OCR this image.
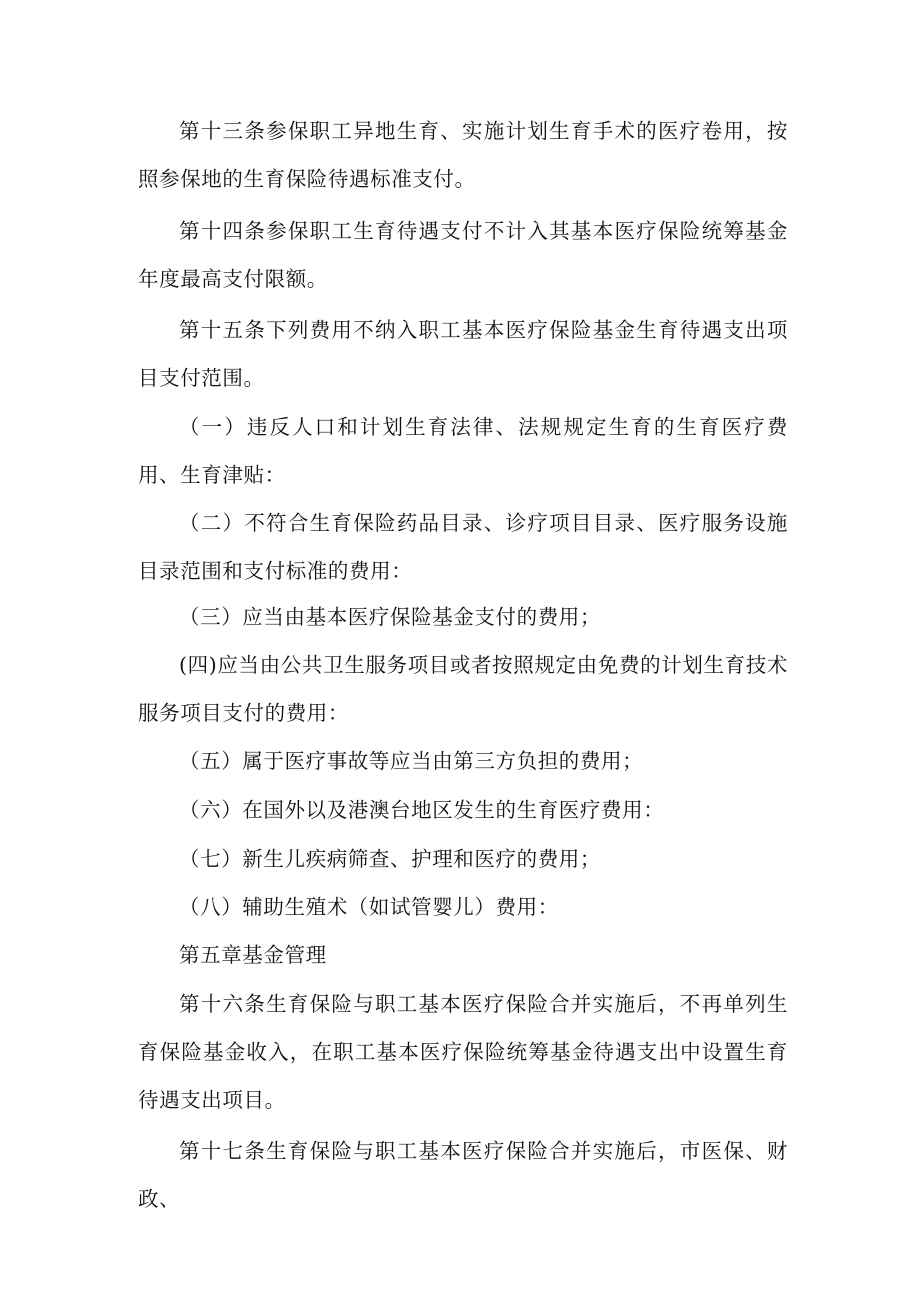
第十三条参保职工异地生育、实施计划生育手术的医疗卷用，按照参保地的生育保险待遇标准支付。

第十四条参保职工生育待遇支付不计入其基本医疗保险统筹基金年度最高支付限额。

第十五条下列费用不纳入职工基本医疗保险基金生育待遇支出项目支付范围。

（一）违反人口和计划生育法律、法规规定生育的生育医疗费用、生育津贴：

（二）不符合生育保险药品目录、诊疗项目目录、医疗服务设施目录范围和支付标准的费用：

（三）应当由基本医疗保险基金支付的费用；

(四)应当由公共卫生服务项目或者按照规定由免费的计划生育技术服务项目支付的费用：

（五）属于医疗事故等应当由第三方负担的费用；

（六）在国外以及港澳台地区发生的生育医疗费用：

（七）新生儿疾病筛查、护理和医疗的费用；

（八）辅助生殖术（如试管婴儿）费用：

第五章基金管理

第十六条生育保险与职工基本医疗保险合并实施后，不再单列生育保险基金收入，在职工基本医疗保险统筹基金待遇支出中设置生育待遇支出项目。

第十七条生育保险与职工基本医疗保险合并实施后，市医保、财政、
